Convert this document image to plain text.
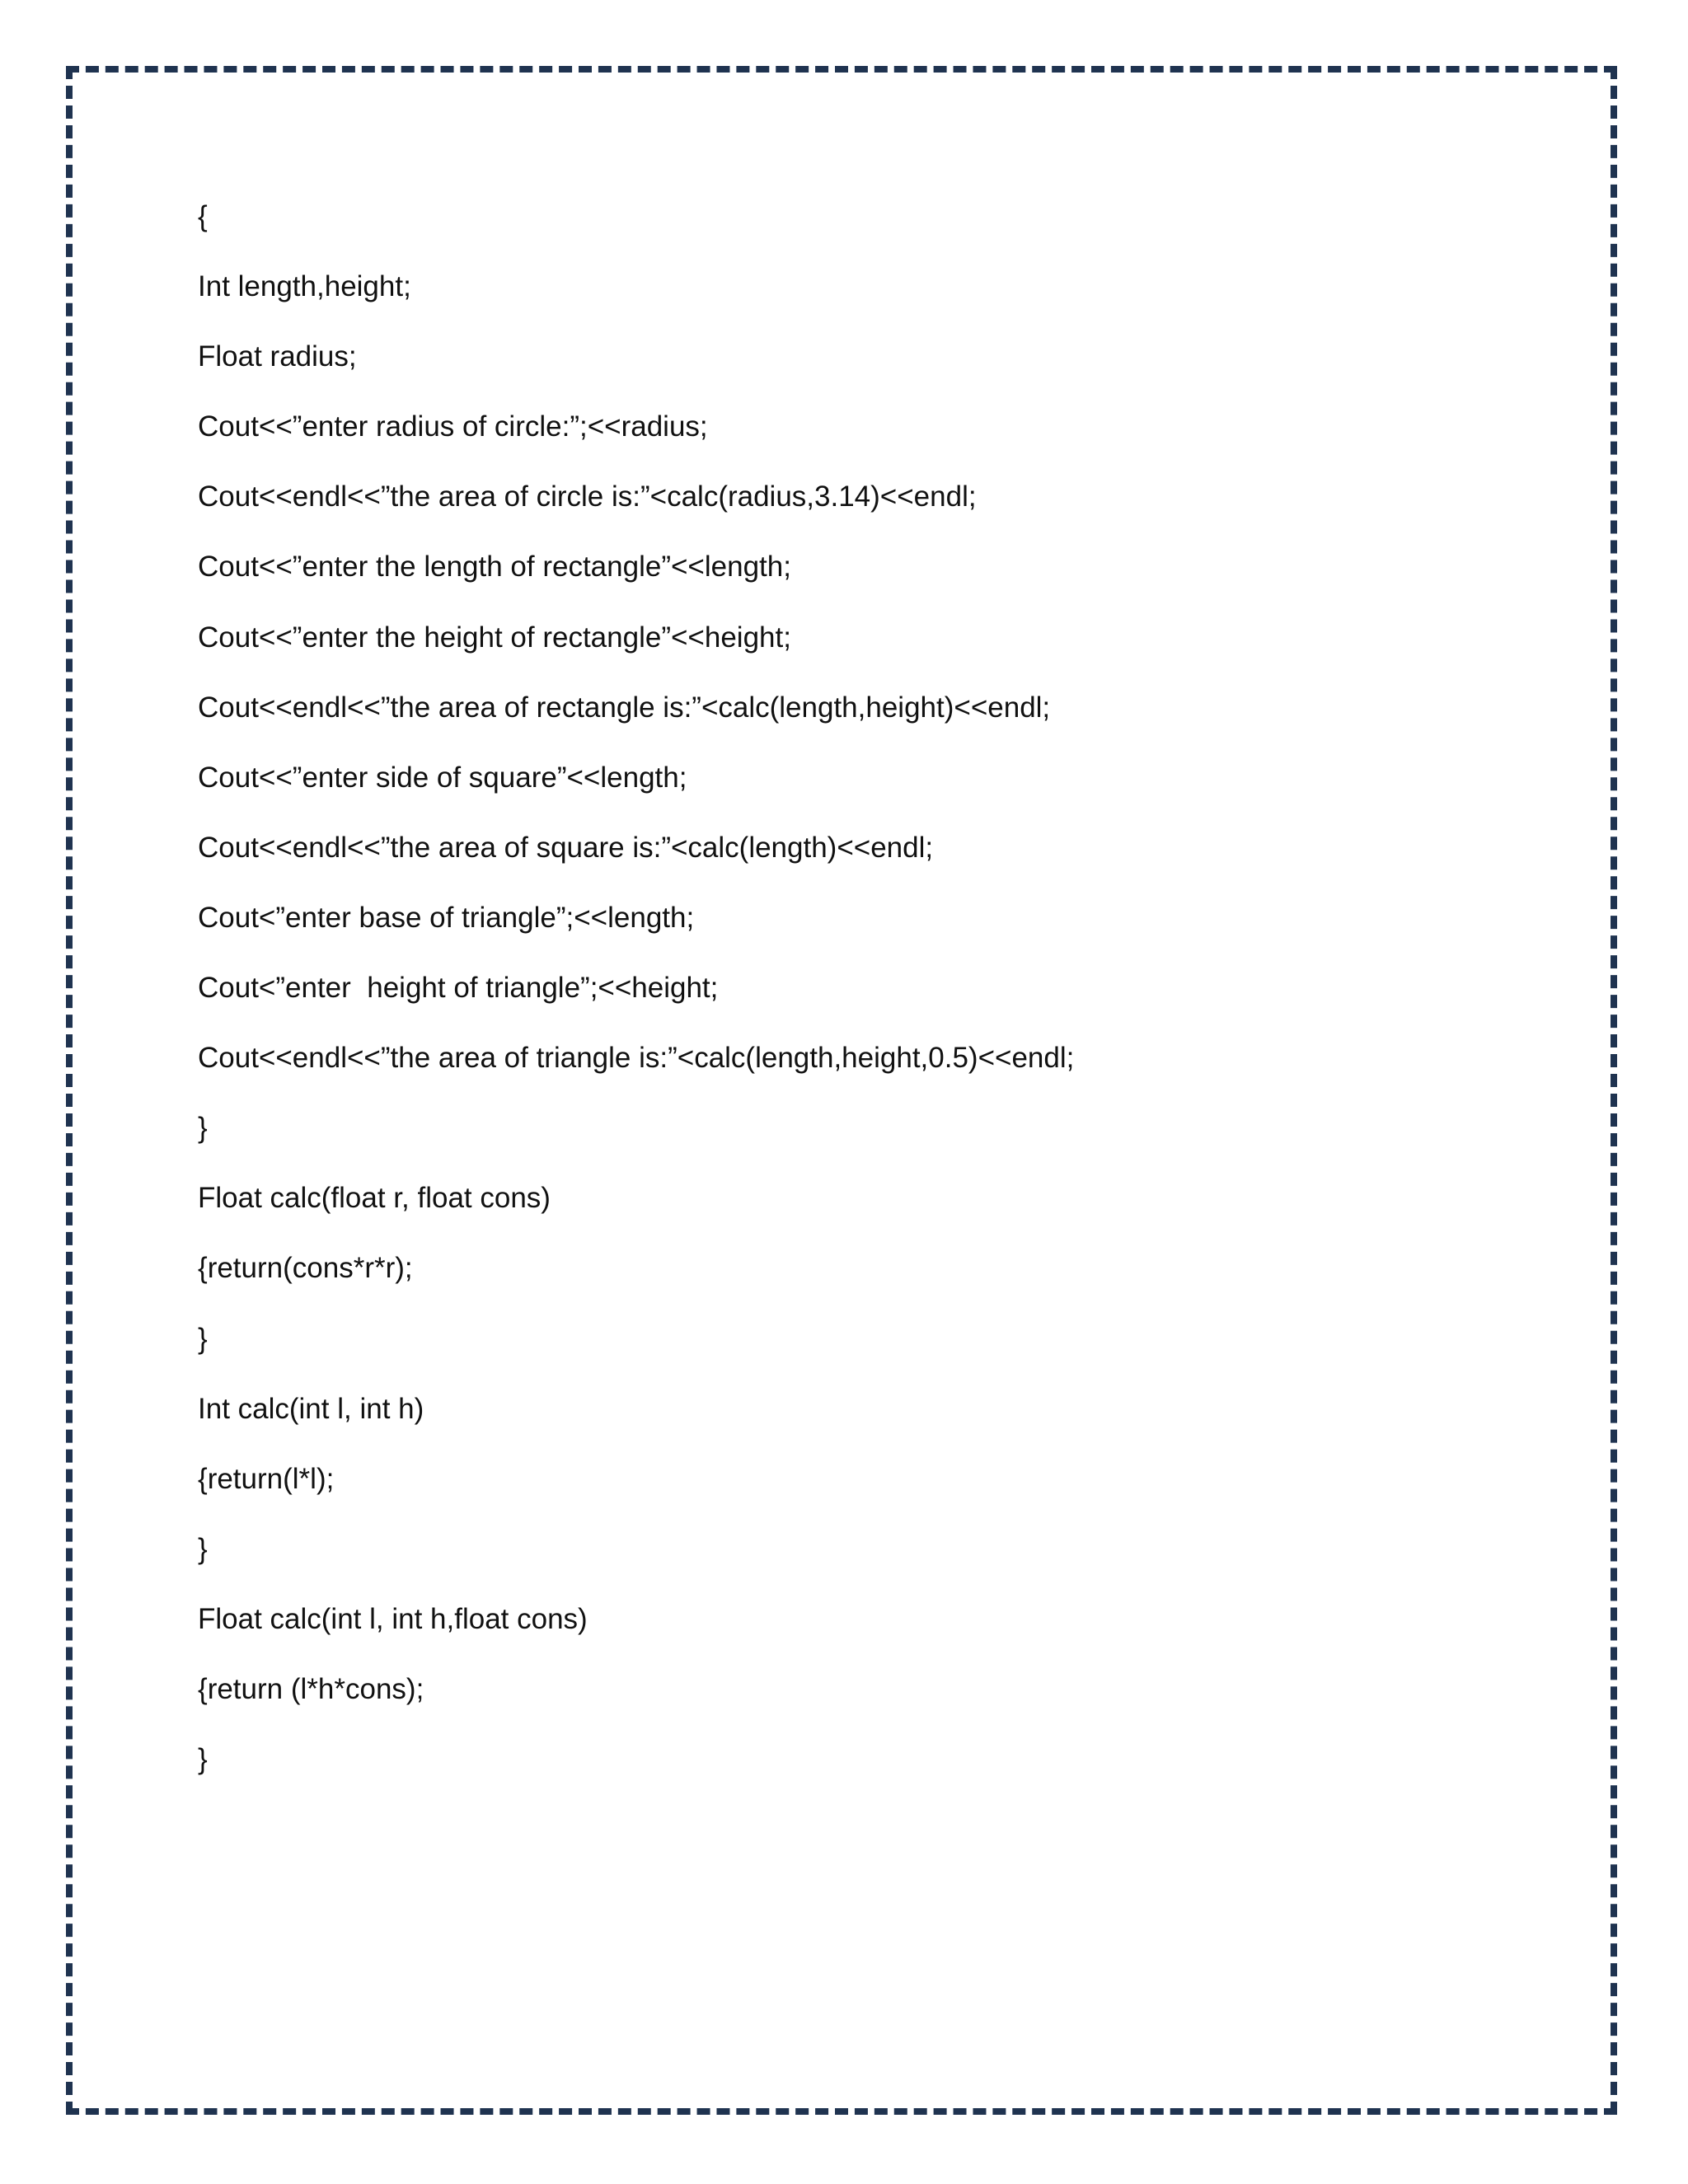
{
Int length,height;
Float radius;
Cout<<”enter radius of circle:”;<<radius;
Cout<<endl<<”the area of circle is:”<calc(radius,3.14)<<endl;
Cout<<”enter the length of rectangle”<<length;
Cout<<”enter the height of rectangle”<<height;
Cout<<endl<<”the area of rectangle is:”<calc(length,height)<<endl;
Cout<<”enter side of square”<<length;
Cout<<endl<<”the area of square is:”<calc(length)<<endl;
Cout<”enter base of triangle”;<<length;
Cout<”enter  height of triangle”;<<height;
Cout<<endl<<”the area of triangle is:”<calc(length,height,0.5)<<endl;
}
Float calc(float r, float cons)
{return(cons*r*r);
}
Int calc(int l, int h)
{return(l*l);
}
Float calc(int l, int h,float cons)
{return (l*h*cons);
}
